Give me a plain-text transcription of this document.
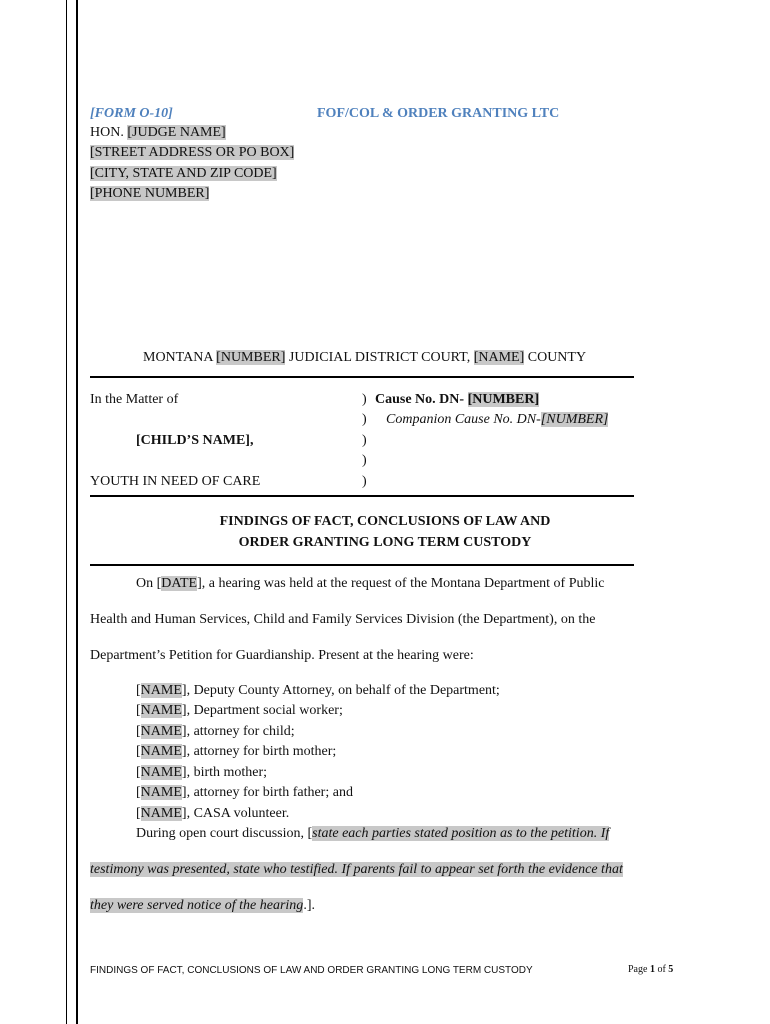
[FORM O-10]	FOF/COL & ORDER GRANTING LTC
HON. [JUDGE NAME]
[STREET ADDRESS OR PO BOX]
[CITY, STATE AND ZIP CODE]
[PHONE NUMBER]
MONTANA [NUMBER] JUDICIAL DISTRICT COURT, [NAME] COUNTY
In the Matter of
[CHILD’S NAME],
YOUTH IN NEED OF CARE
)
)
)
)
)
Cause No. DN- [NUMBER]
Companion Cause No. DN-[NUMBER]
FINDINGS OF FACT, CONCLUSIONS OF LAW AND
ORDER GRANTING LONG TERM CUSTODY
On [DATE], a hearing was held at the request of the Montana Department of Public
Health and Human Services, Child and Family Services Division (the Department), on the
Department’s Petition for Guardianship. Present at the hearing were:
[NAME], Deputy County Attorney, on behalf of the Department;
[NAME], Department social worker;
[NAME], attorney for child;
[NAME], attorney for birth mother;
[NAME], birth mother;
[NAME], attorney for birth father; and
[NAME], CASA volunteer.
During open court discussion, [state each parties stated position as to the petition. If
testimony was presented, state who testified. If parents fail to appear set forth the evidence that
they were served notice of the hearing.].
FINDINGS OF FACT, CONCLUSIONS OF LAW AND ORDER GRANTING LONG TERM CUSTODY	Page 1 of 5
